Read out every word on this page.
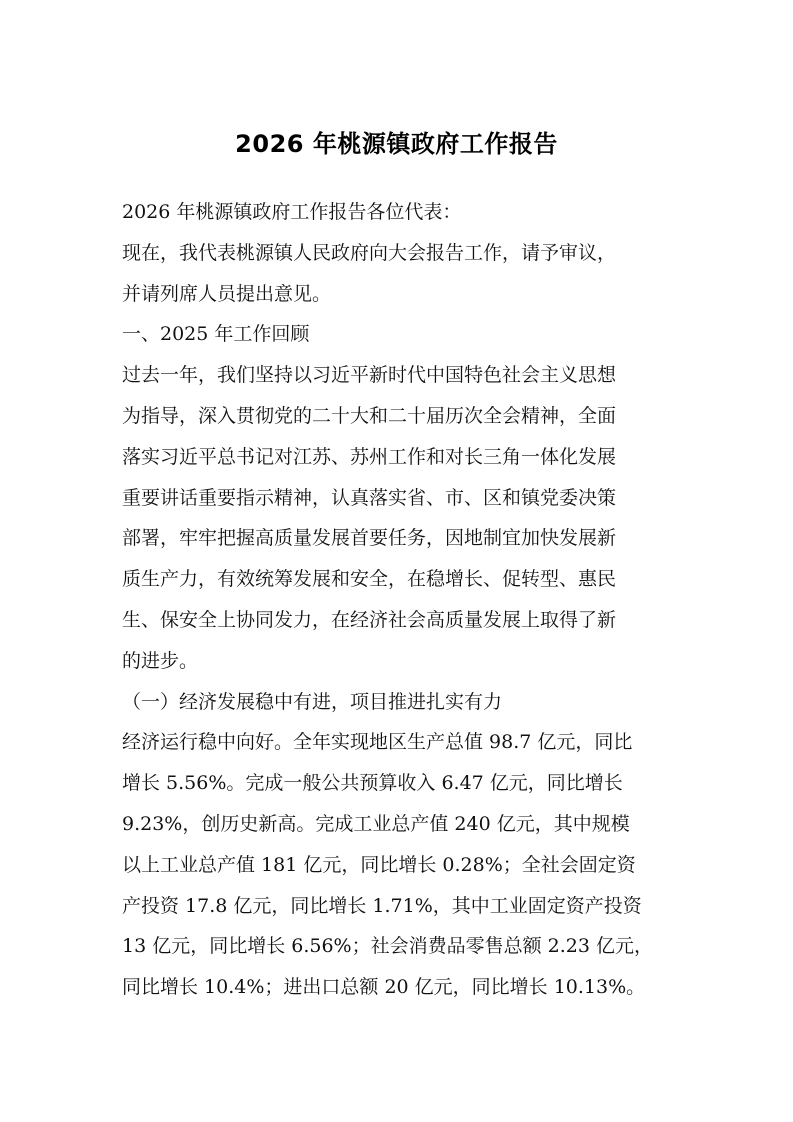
2026 年桃源镇政府工作报告

2026 年桃源镇政府工作报告各位代表：

现在，我代表桃源镇人民政府向大会报告工作，请予审议，
并请列席人员提出意见。

一、2025 年工作回顾

过去一年，我们坚持以习近平新时代中国特色社会主义思想
为指导，深入贯彻党的二十大和二十届历次全会精神，全面
落实习近平总书记对江苏、苏州工作和对长三角一体化发展
重要讲话重要指示精神，认真落实省、市、区和镇党委决策
部署，牢牢把握高质量发展首要任务，因地制宜加快发展新
质生产力，有效统筹发展和安全，在稳增长、促转型、惠民
生、保安全上协同发力，在经济社会高质量发展上取得了新
的进步。

（一）经济发展稳中有进，项目推进扎实有力

经济运行稳中向好。全年实现地区生产总值 98.7 亿元，同比
增长 5.56%。完成一般公共预算收入 6.47 亿元，同比增长
9.23%，创历史新高。完成工业总产值 240 亿元，其中规模
以上工业总产值 181 亿元，同比增长 0.28%；全社会固定资
产投资 17.8 亿元，同比增长 1.71%，其中工业固定资产投资
13 亿元，同比增长 6.56%；社会消费品零售总额 2.23 亿元，
同比增长 10.4%；进出口总额 20 亿元，同比增长 10.13%。
